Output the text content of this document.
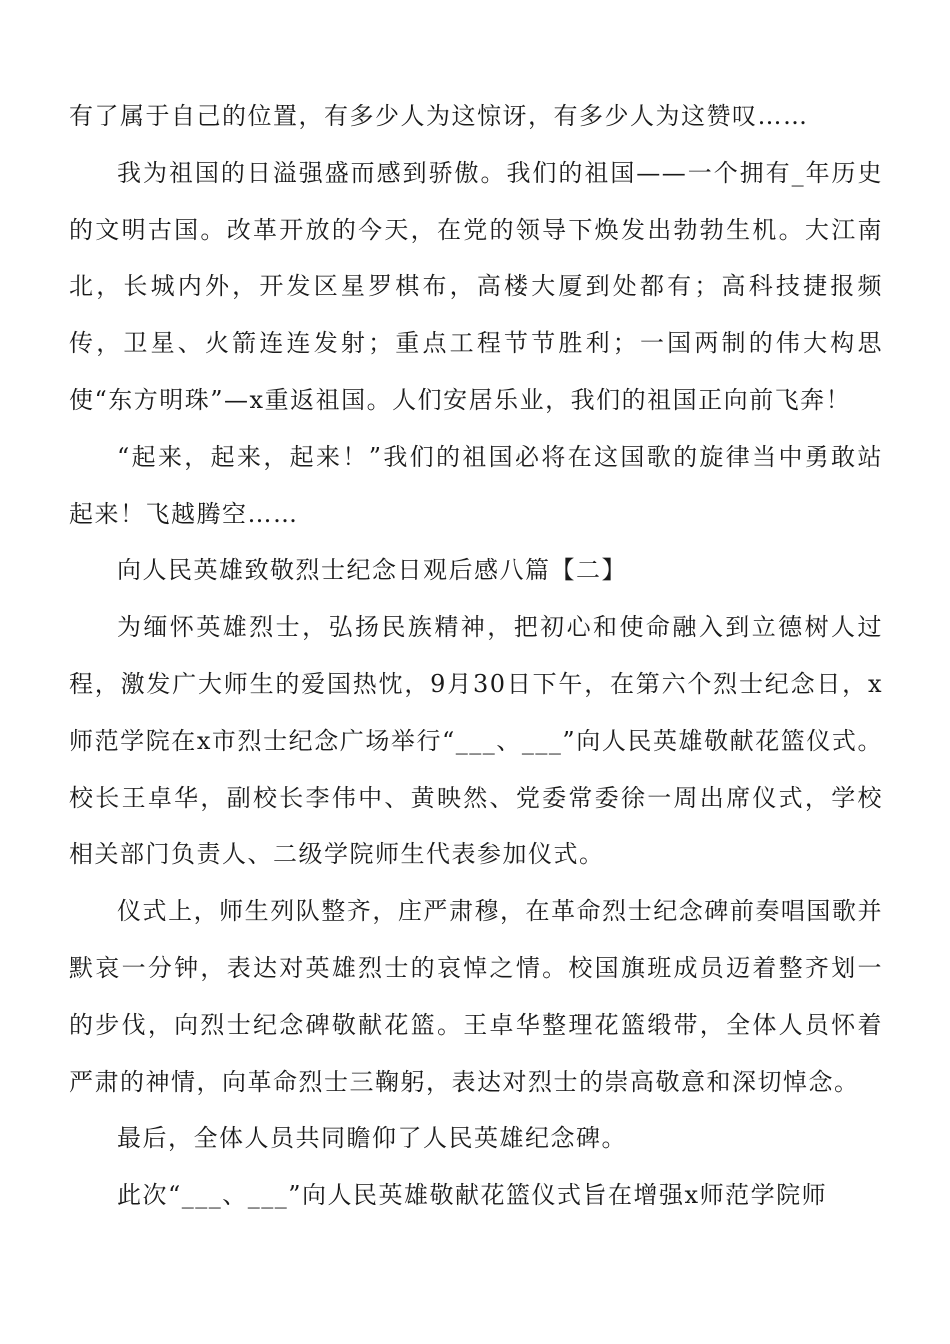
有了属于自己的位置，有多少人为这惊讶，有多少人为这赞叹……

我为祖国的日溢强盛而感到骄傲。我们的祖国——一个拥有_年历史的文明古国。改革开放的今天，在党的领导下焕发出勃勃生机。大江南北，长城内外，开发区星罗棋布，高楼大厦到处都有；高科技捷报频传，卫星、火箭连连发射；重点工程节节胜利；一国两制的伟大构思使“东方明珠”—x重返祖国。人们安居乐业，我们的祖国正向前飞奔！

“起来，起来，起来！”我们的祖国必将在这国歌的旋律当中勇敢站起来！飞越腾空……

向人民英雄致敬烈士纪念日观后感八篇【二】

为缅怀英雄烈士，弘扬民族精神，把初心和使命融入到立德树人过程，激发广大师生的爱国热忱，9月30日下午，在第六个烈士纪念日，x师范学院在x市烈士纪念广场举行“___、___”向人民英雄敬献花篮仪式。校长王卓华，副校长李伟中、黄映然、党委常委徐一周出席仪式，学校相关部门负责人、二级学院师生代表参加仪式。

仪式上，师生列队整齐，庄严肃穆，在革命烈士纪念碑前奏唱国歌并默哀一分钟，表达对英雄烈士的哀悼之情。校国旗班成员迈着整齐划一的步伐，向烈士纪念碑敬献花篮。王卓华整理花篮缎带，全体人员怀着严肃的神情，向革命烈士三鞠躬，表达对烈士的崇高敬意和深切悼念。

最后，全体人员共同瞻仰了人民英雄纪念碑。

此次“___、___”向人民英雄敬献花篮仪式旨在增强x师范学院师
